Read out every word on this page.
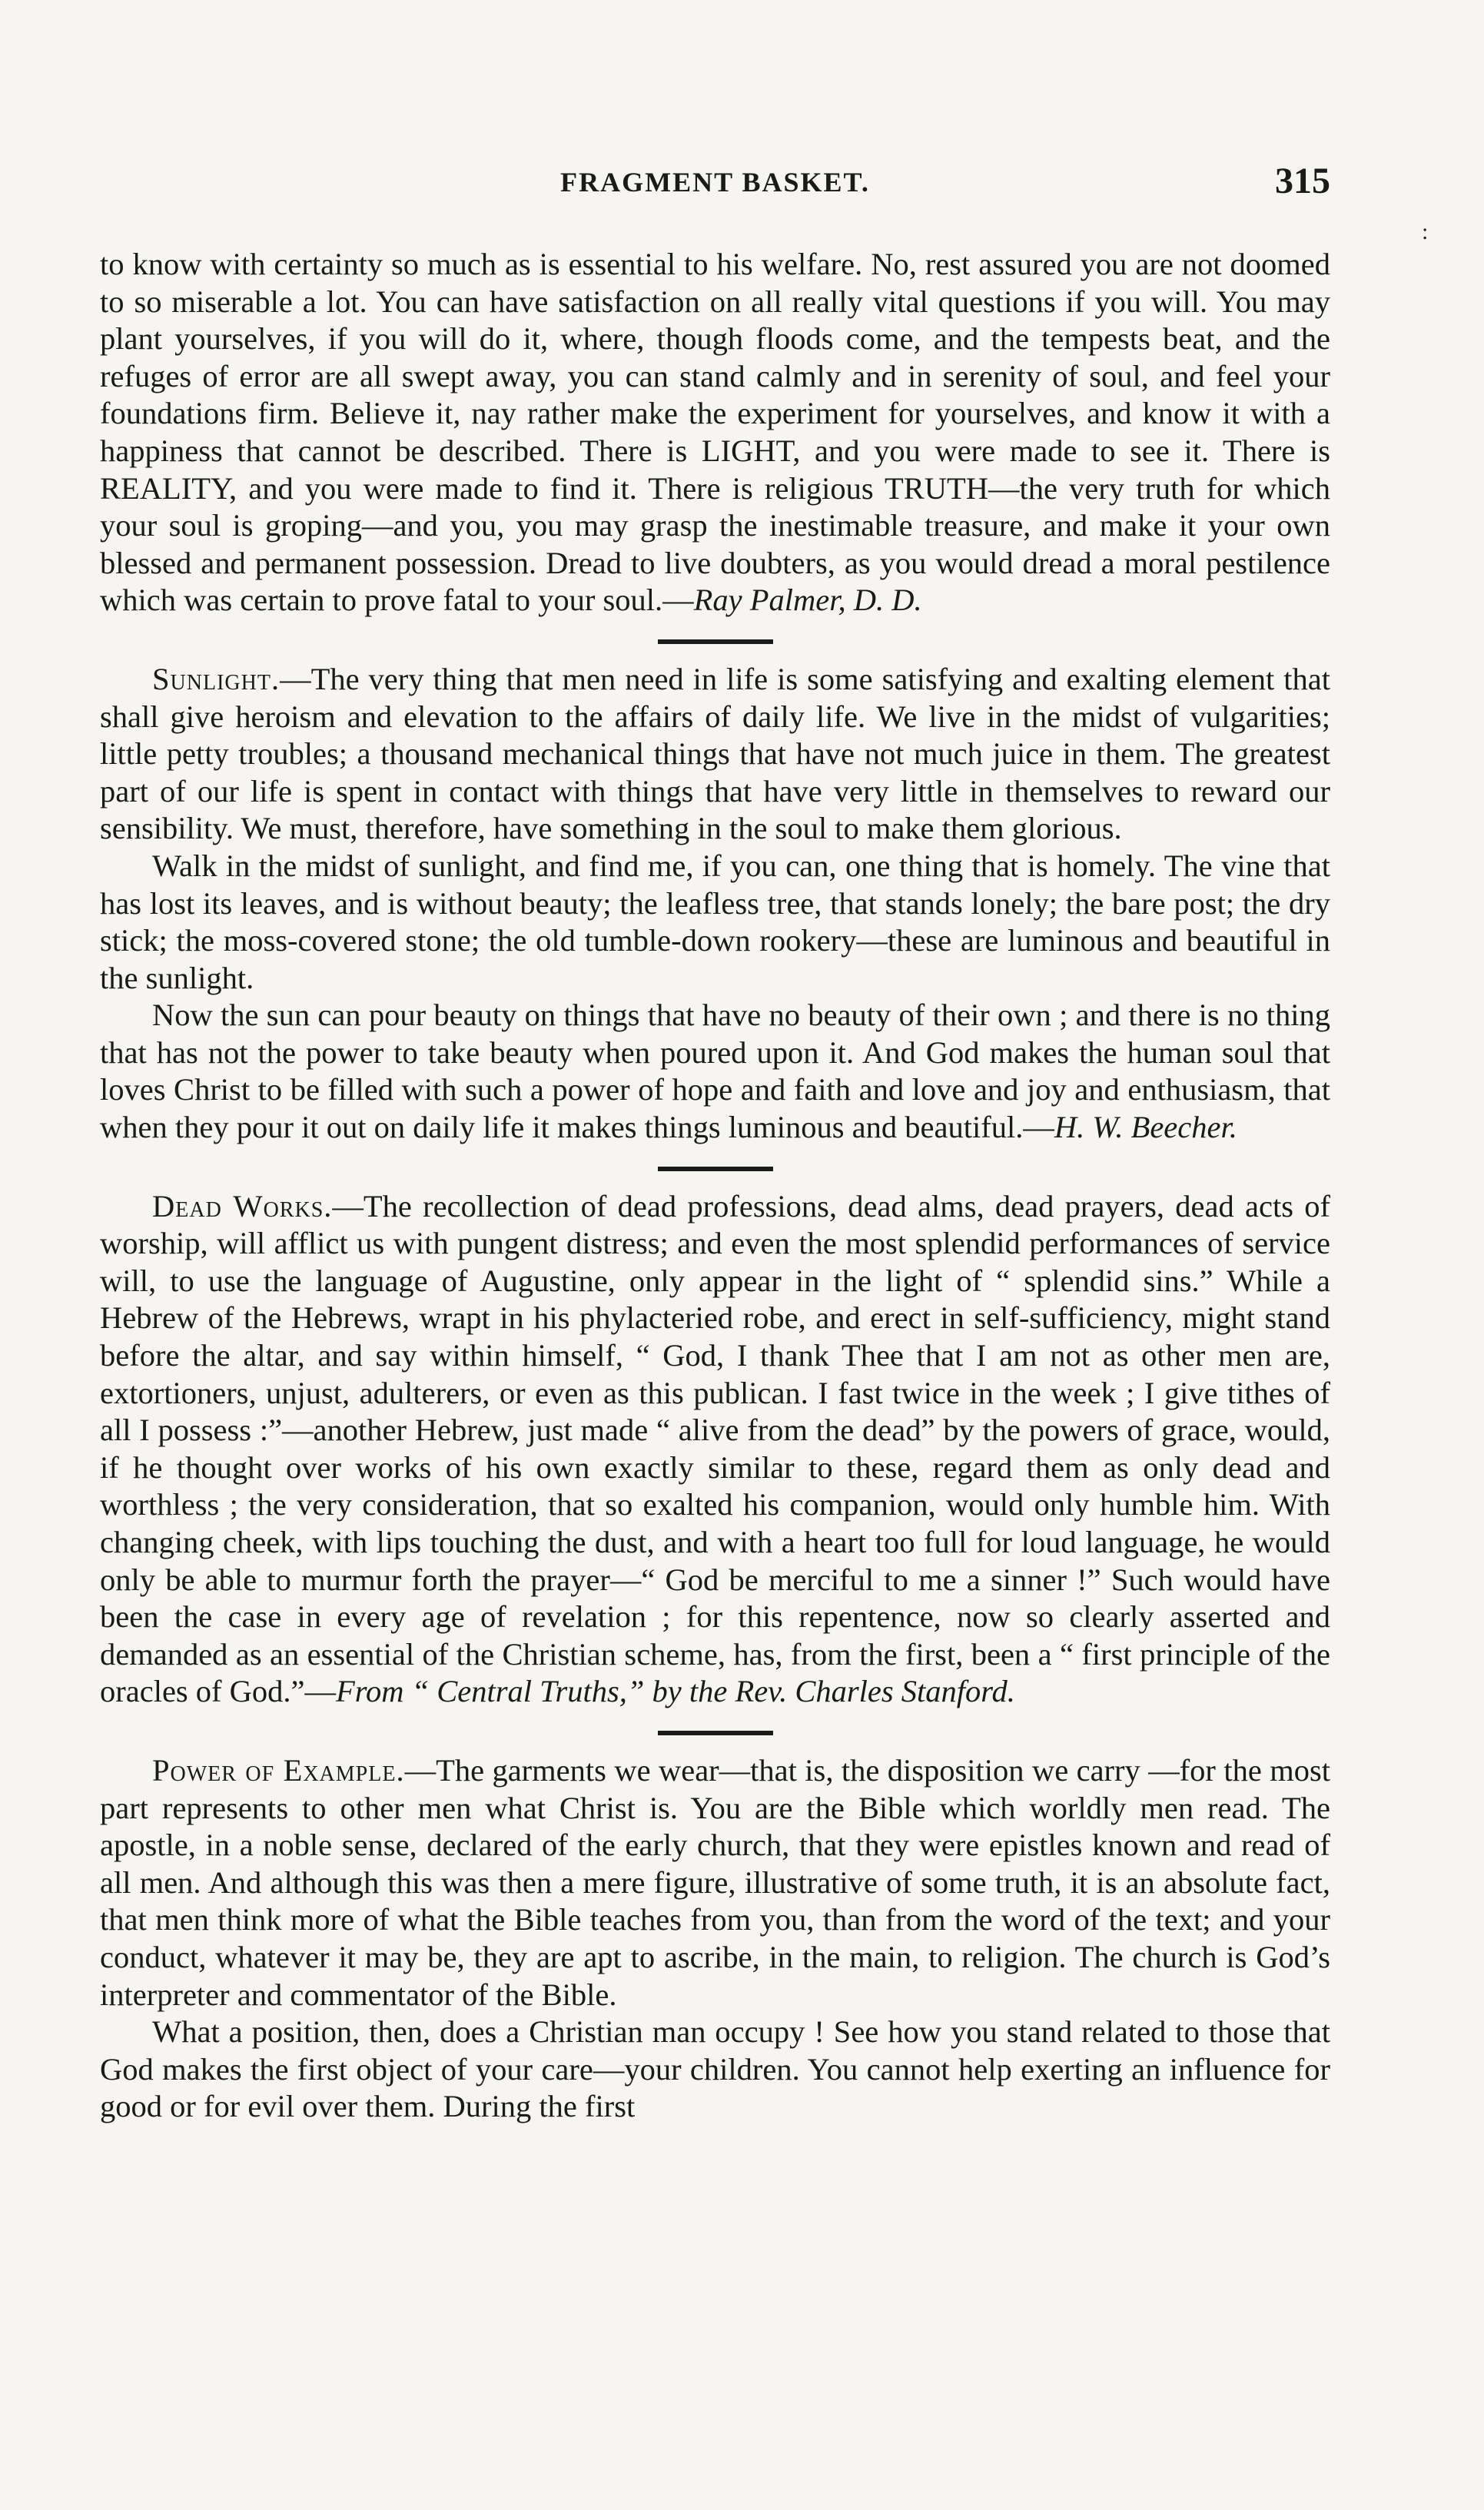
FRAGMENT BASKET.	315
:

to know with certainty so much as is essential to his welfare. No, rest assured you are not doomed to so miserable a lot. You can have satisfaction on all really vital questions if you will. You may plant yourselves, if you will do it, where, though floods come, and the tempests beat, and the refuges of error are all swept away, you can stand calmly and in serenity of soul, and feel your foundations firm. Believe it, nay rather make the experiment for yourselves, and know it with a happiness that cannot be described. There is LIGHT, and you were made to see it. There is REALITY, and you were made to find it. There is religious TRUTH—the very truth for which your soul is groping—and you, you may grasp the inestimable treasure, and make it your own blessed and permanent possession. Dread to live doubters, as you would dread a moral pestilence which was certain to prove fatal to your soul.—Ray Palmer, D. D.

Sunlight.—The very thing that men need in life is some satisfying and exalting element that shall give heroism and elevation to the affairs of daily life. We live in the midst of vulgarities; little petty troubles; a thousand mechanical things that have not much juice in them. The greatest part of our life is spent in contact with things that have very little in themselves to reward our sensibility. We must, therefore, have something in the soul to make them glorious.

Walk in the midst of sunlight, and find me, if you can, one thing that is homely. The vine that has lost its leaves, and is without beauty; the leafless tree, that stands lonely; the bare post; the dry stick; the moss-covered stone; the old tumble-down rookery—these are luminous and beautiful in the sunlight.

Now the sun can pour beauty on things that have no beauty of their own ; and there is no thing that has not the power to take beauty when poured upon it. And God makes the human soul that loves Christ to be filled with such a power of hope and faith and love and joy and enthusiasm, that when they pour it out on daily life it makes things luminous and beautiful.—H. W. Beecher.

Dead Works.—The recollection of dead professions, dead alms, dead prayers, dead acts of worship, will afflict us with pungent distress; and even the most splendid performances of service will, to use the language of Augustine, only appear in the light of “ splendid sins.” While a Hebrew of the Hebrews, wrapt in his phylacteried robe, and erect in self-sufficiency, might stand before the altar, and say within himself, “ God, I thank Thee that I am not as other men are, extortioners, unjust, adulterers, or even as this publican. I fast twice in the week ; I give tithes of all I possess :”—another Hebrew, just made “ alive from the dead” by the powers of grace, would, if he thought over works of his own exactly similar to these, regard them as only dead and worthless ; the very consideration, that so exalted his companion, would only humble him. With changing cheek, with lips touching the dust, and with a heart too full for loud language, he would only be able to murmur forth the prayer—“ God be merciful to me a sinner !” Such would have been the case in every age of revelation ; for this repentence, now so clearly asserted and demanded as an essential of the Christian scheme, has, from the first, been a “ first principle of the oracles of God.”—From “ Central Truths,” by the Rev. Charles Stanford.

Power of Example.—The garments we wear—that is, the disposition we carry —for the most part represents to other men what Christ is. You are the Bible which worldly men read. The apostle, in a noble sense, declared of the early church, that they were epistles known and read of all men. And although this was then a mere figure, illustrative of some truth, it is an absolute fact, that men think more of what the Bible teaches from you, than from the word of the text; and your conduct, whatever it may be, they are apt to ascribe, in the main, to religion. The church is God’s interpreter and commentator of the Bible.

What a position, then, does a Christian man occupy ! See how you stand related to those that God makes the first object of your care—your children. You cannot help exerting an influence for good or for evil over them. During the first
